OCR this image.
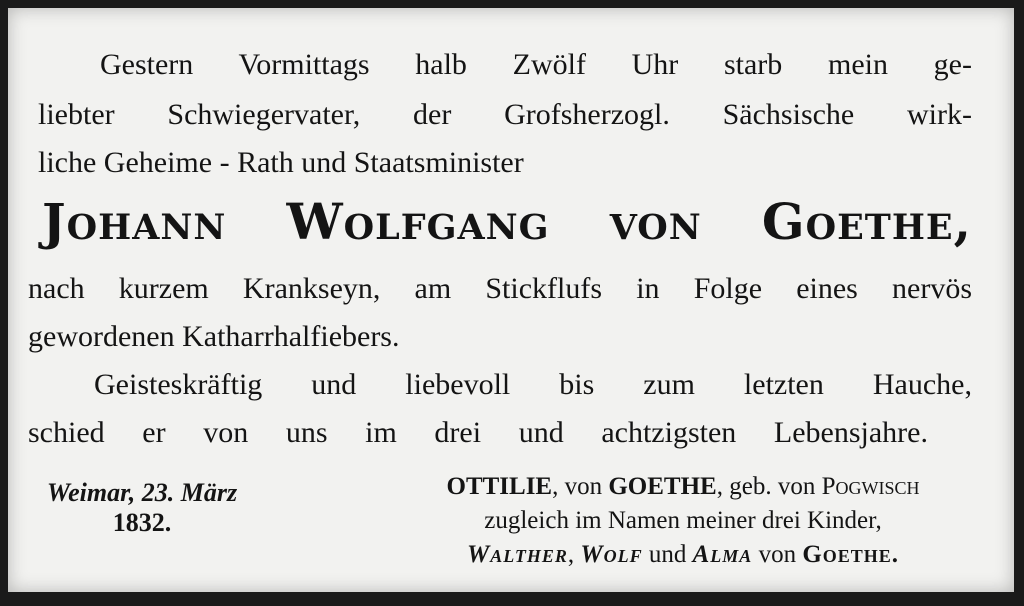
Gestern Vormittags halb Zwölf Uhr starb mein ge-

liebter Schwiegervater, der Grofsherzogl. Sächsische wirk-

liche Geheime - Rath und Staatsminister

Johann Wolfgang von Goethe,

nach kurzem Krankseyn, am Stickflufs in Folge eines nervös

gewordenen Katharrhalfiebers.

Geisteskräftig und liebevoll bis zum letzten Hauche,

schied er von uns im drei und achtzigsten Lebensjahre.

Weimar, 23. März
1832.
OTTILIE, von GOETHE, geb. von Pogwisch
zugleich im Namen meiner drei Kinder,
Walther, Wolf und Alma von Goethe.
